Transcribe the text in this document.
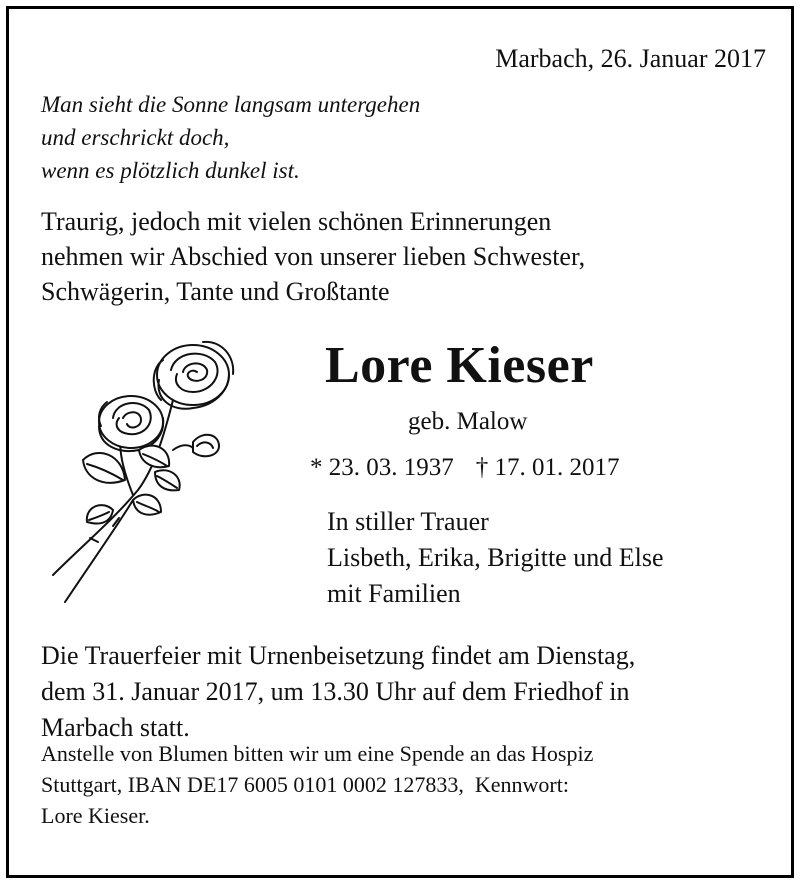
Marbach, 26. Januar 2017
Man sieht die Sonne langsam untergehen
und erschrickt doch,
wenn es plötzlich dunkel ist.
Traurig, jedoch mit vielen schönen Erinnerungen
nehmen wir Abschied von unserer lieben Schwester,
Schwägerin, Tante und Großtante
Lore Kieser
geb. Malow
* 23. 03. 1937 † 17. 01. 2017
In stiller Trauer
Lisbeth, Erika, Brigitte und Else
mit Familien
Die Trauerfeier mit Urnenbeisetzung findet am Dienstag,
dem 31. Januar 2017, um 13.30 Uhr auf dem Friedhof in
Marbach statt.
Anstelle von Blumen bitten wir um eine Spende an das Hospiz
Stuttgart, IBAN DE17 6005 0101 0002 127833,  Kennwort:
Lore Kieser.
